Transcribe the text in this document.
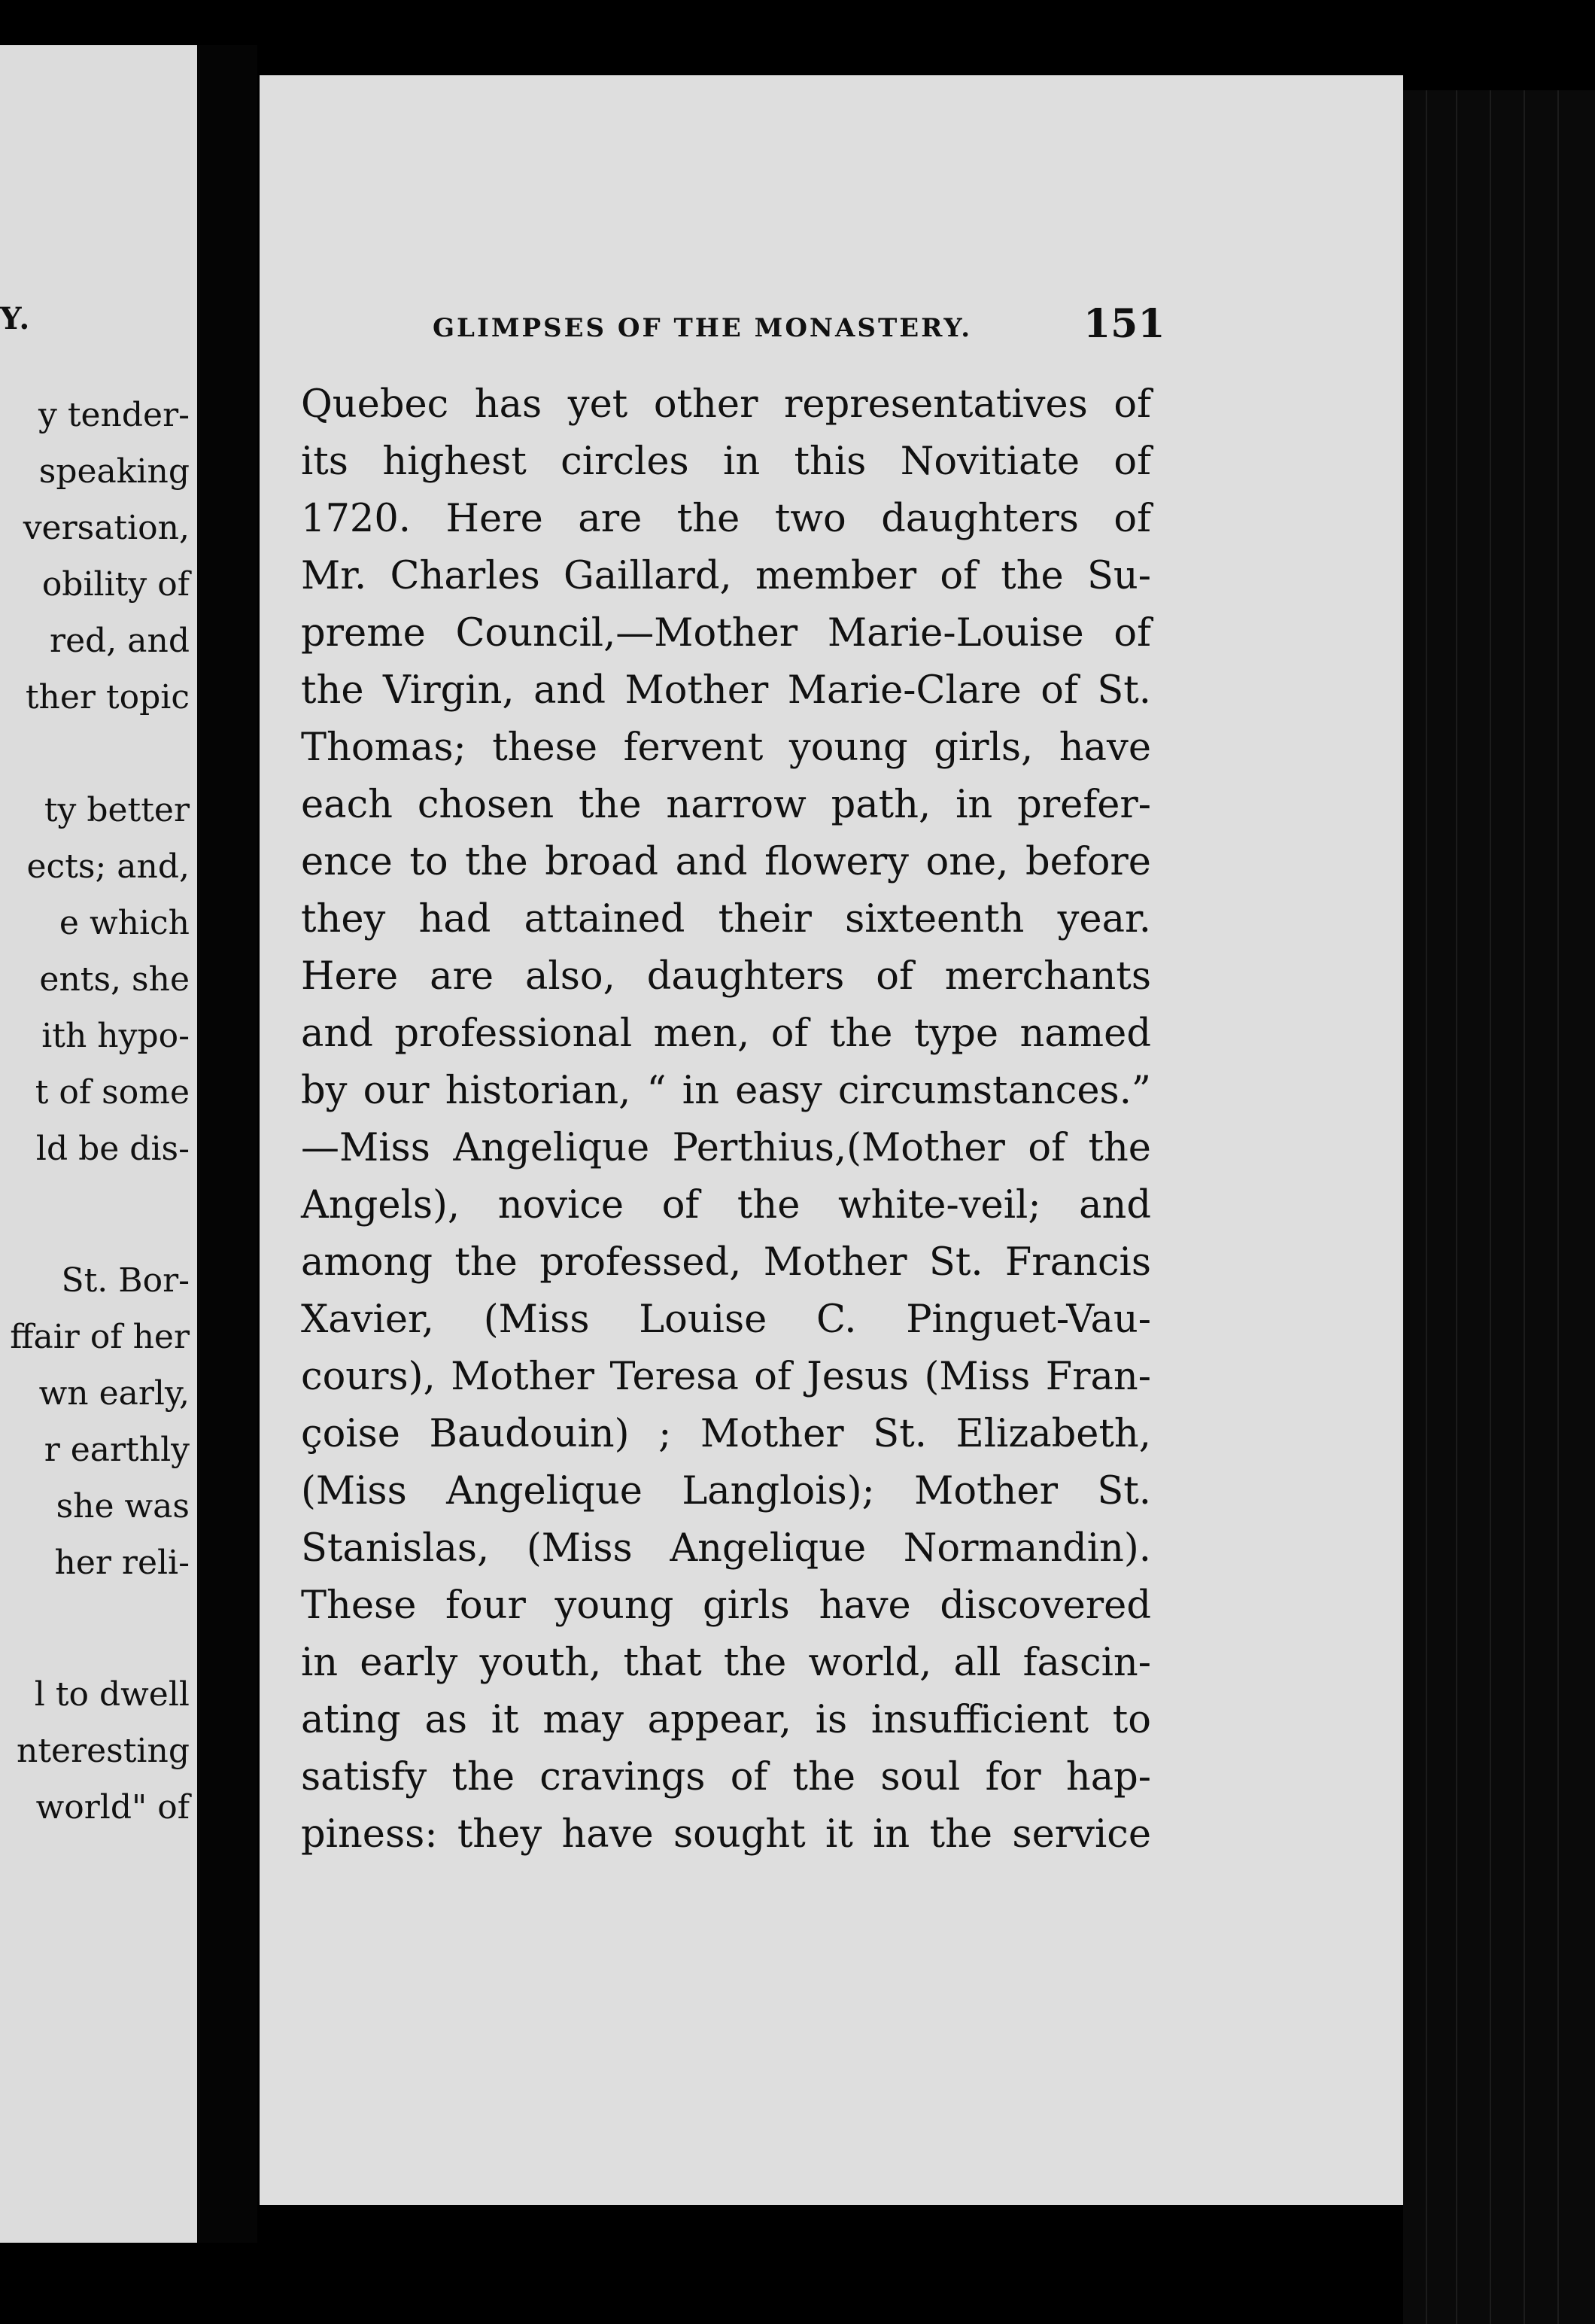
Y.
y tender-
speaking
versation,
obility of
red, and
ther topic
ty better
ects; and,
e which
ents, she
ith hypo-
t of some
ld be dis-
St. Bor-
ffair of her
wn early,
r earthly
she was
her reli-
l to dwell
nteresting
world" of
GLIMPSES OF THE MONASTERY.	151
Quebec has yet other representatives of
its highest circles in this Novitiate of
1720. Here are the two daughters of
Mr. Charles Gaillard, member of the Su-
preme Council,—Mother Marie-Louise of
the Virgin, and Mother Marie-Clare of St.
Thomas; these fervent young girls, have
each chosen the narrow path, in prefer-
ence to the broad and flowery one, before
they had attained their sixteenth year.
Here are also, daughters of merchants
and professional men, of the type named
by our historian, “ in easy circumstances.”
—Miss Angelique Perthius,(Mother of the
Angels), novice of the white-veil; and
among the professed, Mother St. Francis
Xavier, (Miss Louise C. Pinguet-Vau-
cours), Mother Teresa of Jesus (Miss Fran-
çoise Baudouin) ; Mother St. Elizabeth,
(Miss Angelique Langlois); Mother St.
Stanislas, (Miss Angelique Normandin).
These four young girls have discovered
in early youth, that the world, all fascin-
ating as it may appear, is insufficient to
satisfy the cravings of the soul for hap-
piness: they have sought it in the service
